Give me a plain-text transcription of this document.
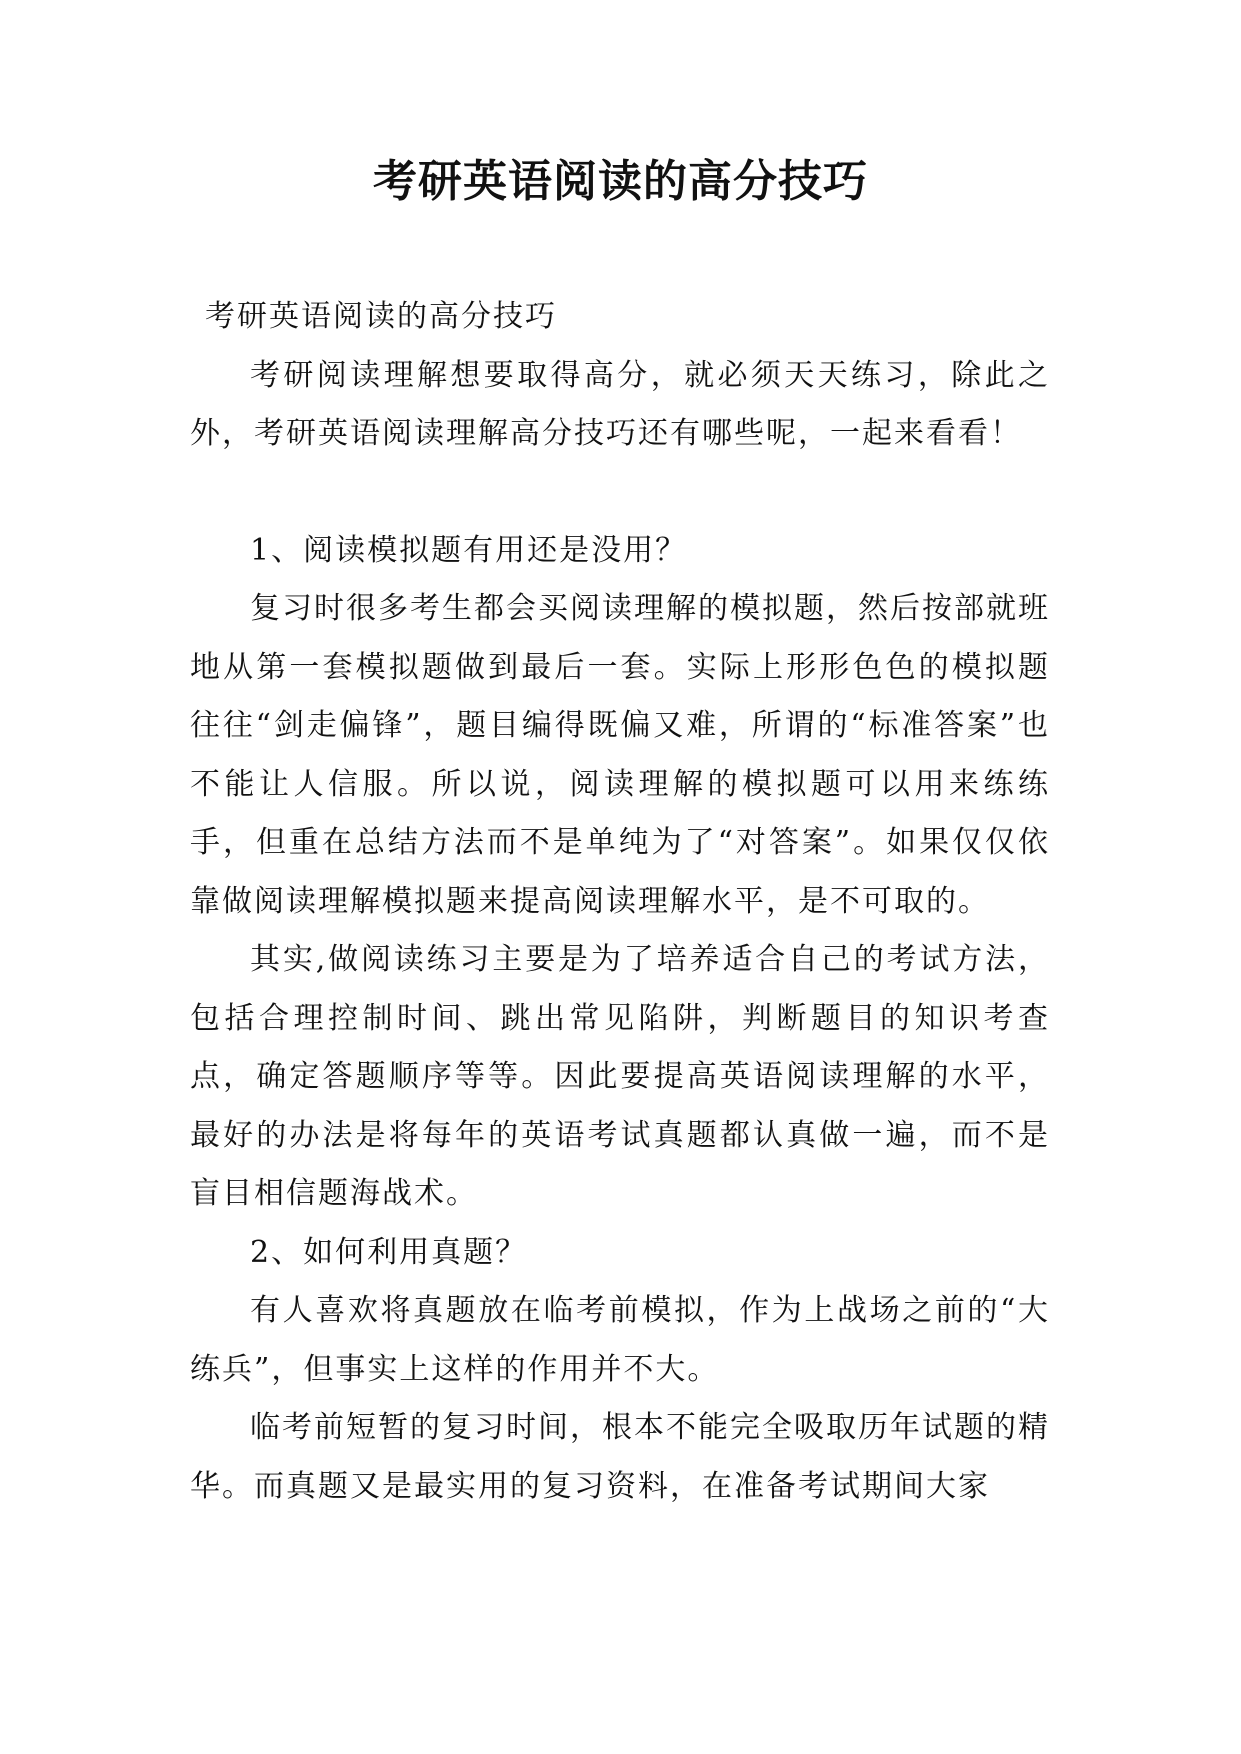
考研英语阅读的高分技巧

考研英语阅读的高分技巧

考研阅读理解想要取得高分，就必须天天练习，除此之外，考研英语阅读理解高分技巧还有哪些呢，一起来看看！

1、阅读模拟题有用还是没用？

复习时很多考生都会买阅读理解的模拟题，然后按部就班地从第一套模拟题做到最后一套。实际上形形色色的模拟题往往“剑走偏锋”，题目编得既偏又难，所谓的“标准答案”也不能让人信服。所以说，阅读理解的模拟题可以用来练练手，但重在总结方法而不是单纯为了“对答案”。如果仅仅依靠做阅读理解模拟题来提高阅读理解水平，是不可取的。

其实,做阅读练习主要是为了培养适合自己的考试方法，包括合理控制时间、跳出常见陷阱，判断题目的知识考查点，确定答题顺序等等。因此要提高英语阅读理解的水平，最好的办法是将每年的英语考试真题都认真做一遍，而不是盲目相信题海战术。

2、如何利用真题？

有人喜欢将真题放在临考前模拟，作为上战场之前的“大练兵”，但事实上这样的作用并不大。

临考前短暂的复习时间，根本不能完全吸取历年试题的精华。而真题又是最实用的复习资料，在准备考试期间大家
